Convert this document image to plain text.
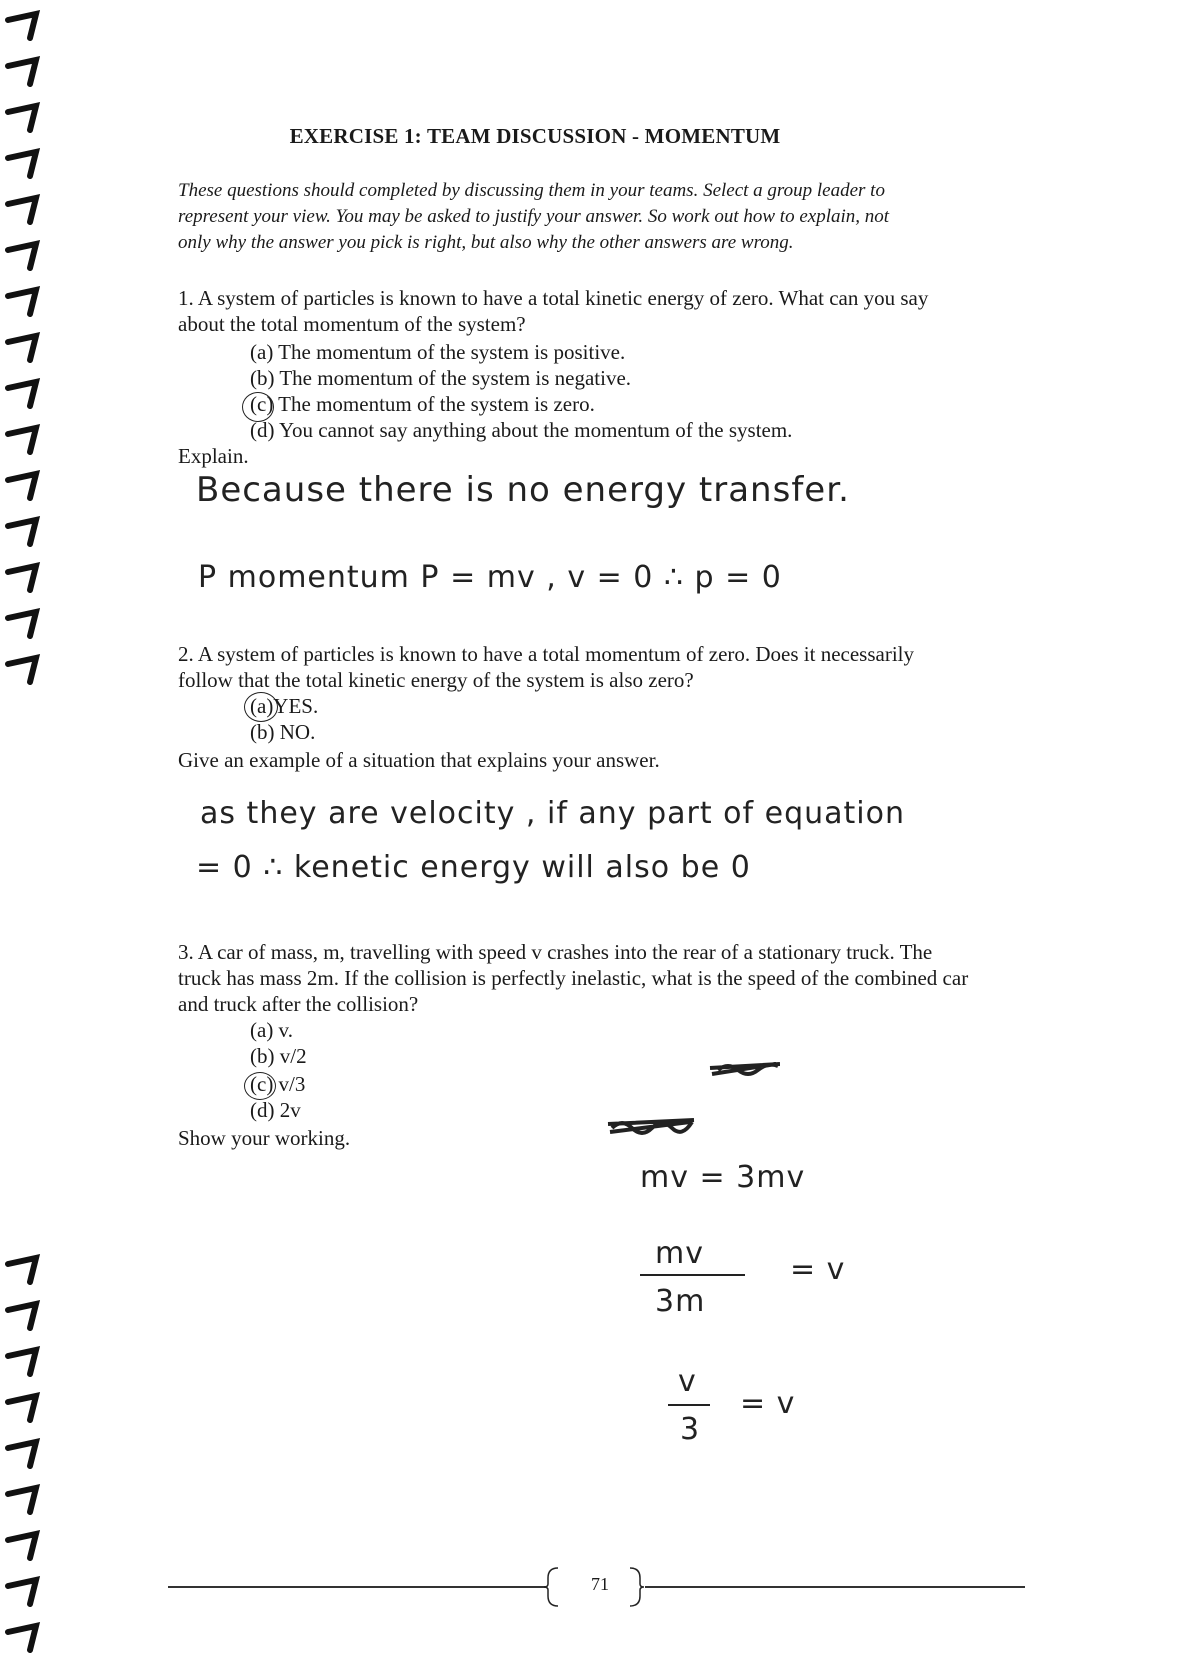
EXERCISE 1: TEAM DISCUSSION - MOMENTUM
These questions should completed by discussing them in your teams. Select a group leader to
represent your view. You may be asked to justify your answer. So work out how to explain, not
only why the answer you pick is right, but also why the other answers are wrong.
1. A system of particles is known to have a total kinetic energy of zero. What can you say
about the total momentum of the system?
(a) The momentum of the system is positive.
(b) The momentum of the system is negative.
(c) The momentum of the system is zero.
(d) You cannot say anything about the momentum of the system.
Explain.
Because there is no energy transfer.
P momentum P = mv , v = 0 ∴ p = 0
2. A system of particles is known to have a total momentum of zero. Does it necessarily
follow that the total kinetic energy of the system is also zero?
(a)YES.
(b) NO.
Give an example of a situation that explains your answer.
as they are velocity , if any part of equation
= 0 ∴ kenetic energy will also be 0
3. A car of mass, m, travelling with speed v crashes into the rear of a stationary truck. The
truck has mass 2m. If the collision is perfectly inelastic, what is the speed of the combined car
and truck after the collision?
(a) v.
(b) v/2
(c) v/3
(d) 2v
Show your working.
mv = 3mv
mv
3m
= v
v
3
= v
71
